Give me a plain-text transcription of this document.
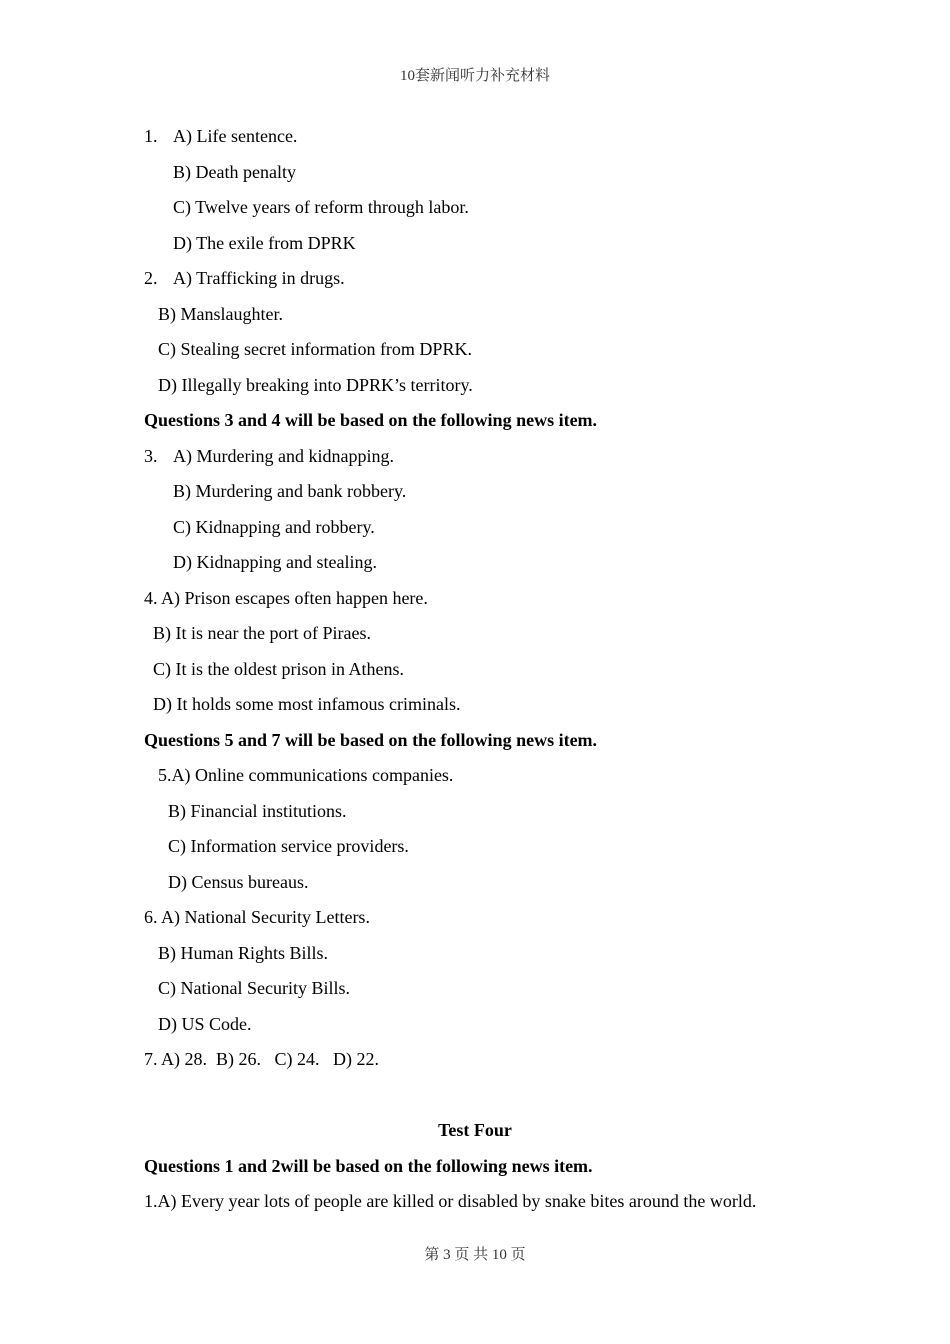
10套新闻听力补充材料
1. A) Life sentence.
B) Death penalty
C) Twelve years of reform through labor.
D) The exile from DPRK
2. A) Trafficking in drugs.
B) Manslaughter.
C) Stealing secret information from DPRK.
D) Illegally breaking into DPRK’s territory.
Questions 3 and 4 will be based on the following news item.
3. A) Murdering and kidnapping.
B) Murdering and bank robbery.
C) Kidnapping and robbery.
D) Kidnapping and stealing.
4. A) Prison escapes often happen here.
B) It is near the port of Piraes.
C) It is the oldest prison in Athens.
D) It holds some most infamous criminals.
Questions 5 and 7 will be based on the following news item.
5.A) Online communications companies.
B) Financial institutions.
C) Information service providers.
D) Census bureaus.
6. A) National Security Letters.
B) Human Rights Bills.
C) National Security Bills.
D) US Code.
7. A) 28.  B) 26.   C) 24.   D) 22.
Test Four
Questions 1 and 2will be based on the following news item.
1.A) Every year lots of people are killed or disabled by snake bites around the world.
第 3 页 共 10 页
